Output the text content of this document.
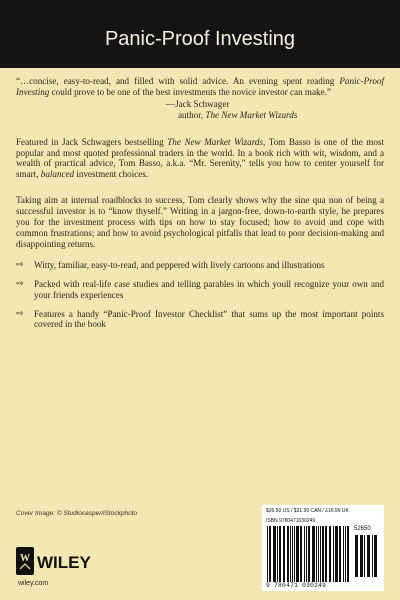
Panic-Proof Investing

“…concise, easy-to-read, and filled with solid advice. An evening spent reading Panic-Proof Investing could prove to be one of the best investments the novice investor can make.”

—Jack Schwager

author, The New Market Wizards

Featured in Jack Schwagers bestselling The New Market Wizards, Tom Basso is one of the most popular and most quoted professional traders in the world. In a book rich with wit, wisdom, and a wealth of practical advice, Tom Basso, a.k.a. “Mr. Serenity,” tells you how to center yourself for smart, balanced investment choices.

Taking aim at internal roadblocks to success, Tom clearly shows why the sine qua non of being a successful investor is to “know thyself.” Writing in a jargon-free, down-to-earth style, he prepares you for the investment process with tips on how to stay focused; how to avoid and cope with common frustrations; and how to avoid psychological pitfalls that lead to poor decision-making and disappointing returns.

⇨	Witty, familiar, easy-to-read, and peppered with lively cartoons and illustrations
⇨	Packed with real-life case studies and telling parables in which youll recognize your own and your friends experiences
⇨	Features a handy “Panic-Proof Investor Checklist” that sums up the most important points covered in the book
Cover Image: © Studiocasper/iStockphoto
W WILEY
wiley.com
$26.50 US / $31.99 CAN / £16.99 UK
ISBN 9780471030249
52650
9 780471 030249
